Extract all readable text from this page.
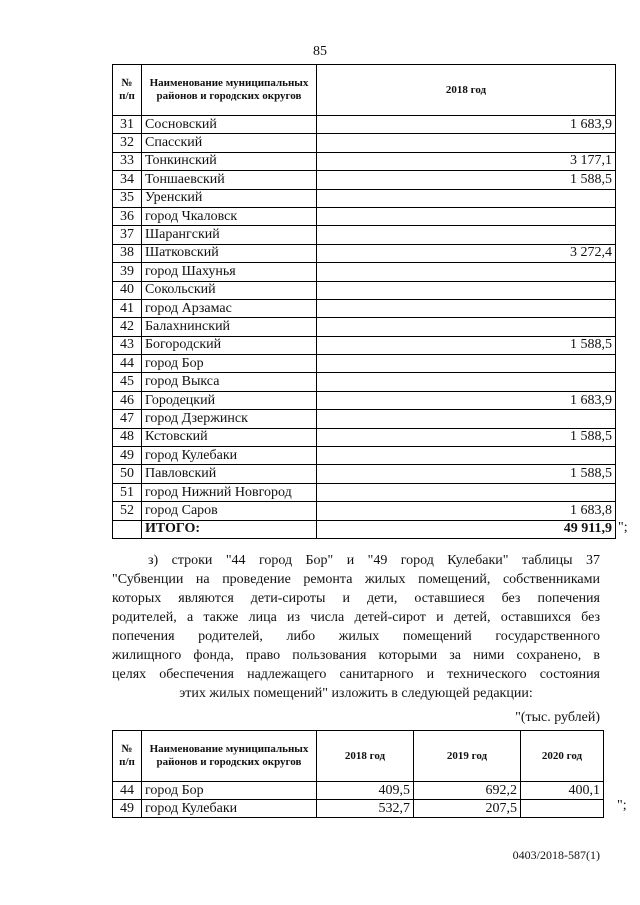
85
№ п/п	Наименование муниципальных районов и городских округов	2018 год
31	Сосновский	1 683,9
32	Спасский	
33	Тонкинский	3 177,1
34	Тоншаевский	1 588,5
35	Уренский	
36	город Чкаловск	
37	Шарангский	
38	Шатковский	3 272,4
39	город Шахунья	
40	Сокольский	
41	город Арзамас	
42	Балахнинский	
43	Богородский	1 588,5
44	город Бор	
45	город Выкса	
46	Городецкий	1 683,9
47	город Дзержинск	
48	Кстовский	1 588,5
49	город Кулебаки	
50	Павловский	1 588,5
51	город Нижний Новгород	
52	город Саров	1 683,8
	ИТОГО:	49 911,9 ";

з) строки "44 город Бор" и "49 город Кулебаки" таблицы 37
"Субвенции на проведение ремонта жилых помещений, собственниками
которых являются дети-сироты и дети, оставшиеся без попечения
родителей, а также лица из числа детей-сирот и детей, оставшихся без
попечения родителей, либо жилых помещений государственного
жилищного фонда, право пользования которыми за ними сохранено, в
целях обеспечения надлежащего санитарного и технического состояния
этих жилых помещений" изложить в следующей редакции:

"(тыс. рублей)
№ п/п	Наименование муниципальных районов и городских округов	2018 год	2019 год	2020 год
44	город Бор	409,5	692,2	400,1
49	город Кулебаки	532,7	207,5		";
0403/2018-587(1)
